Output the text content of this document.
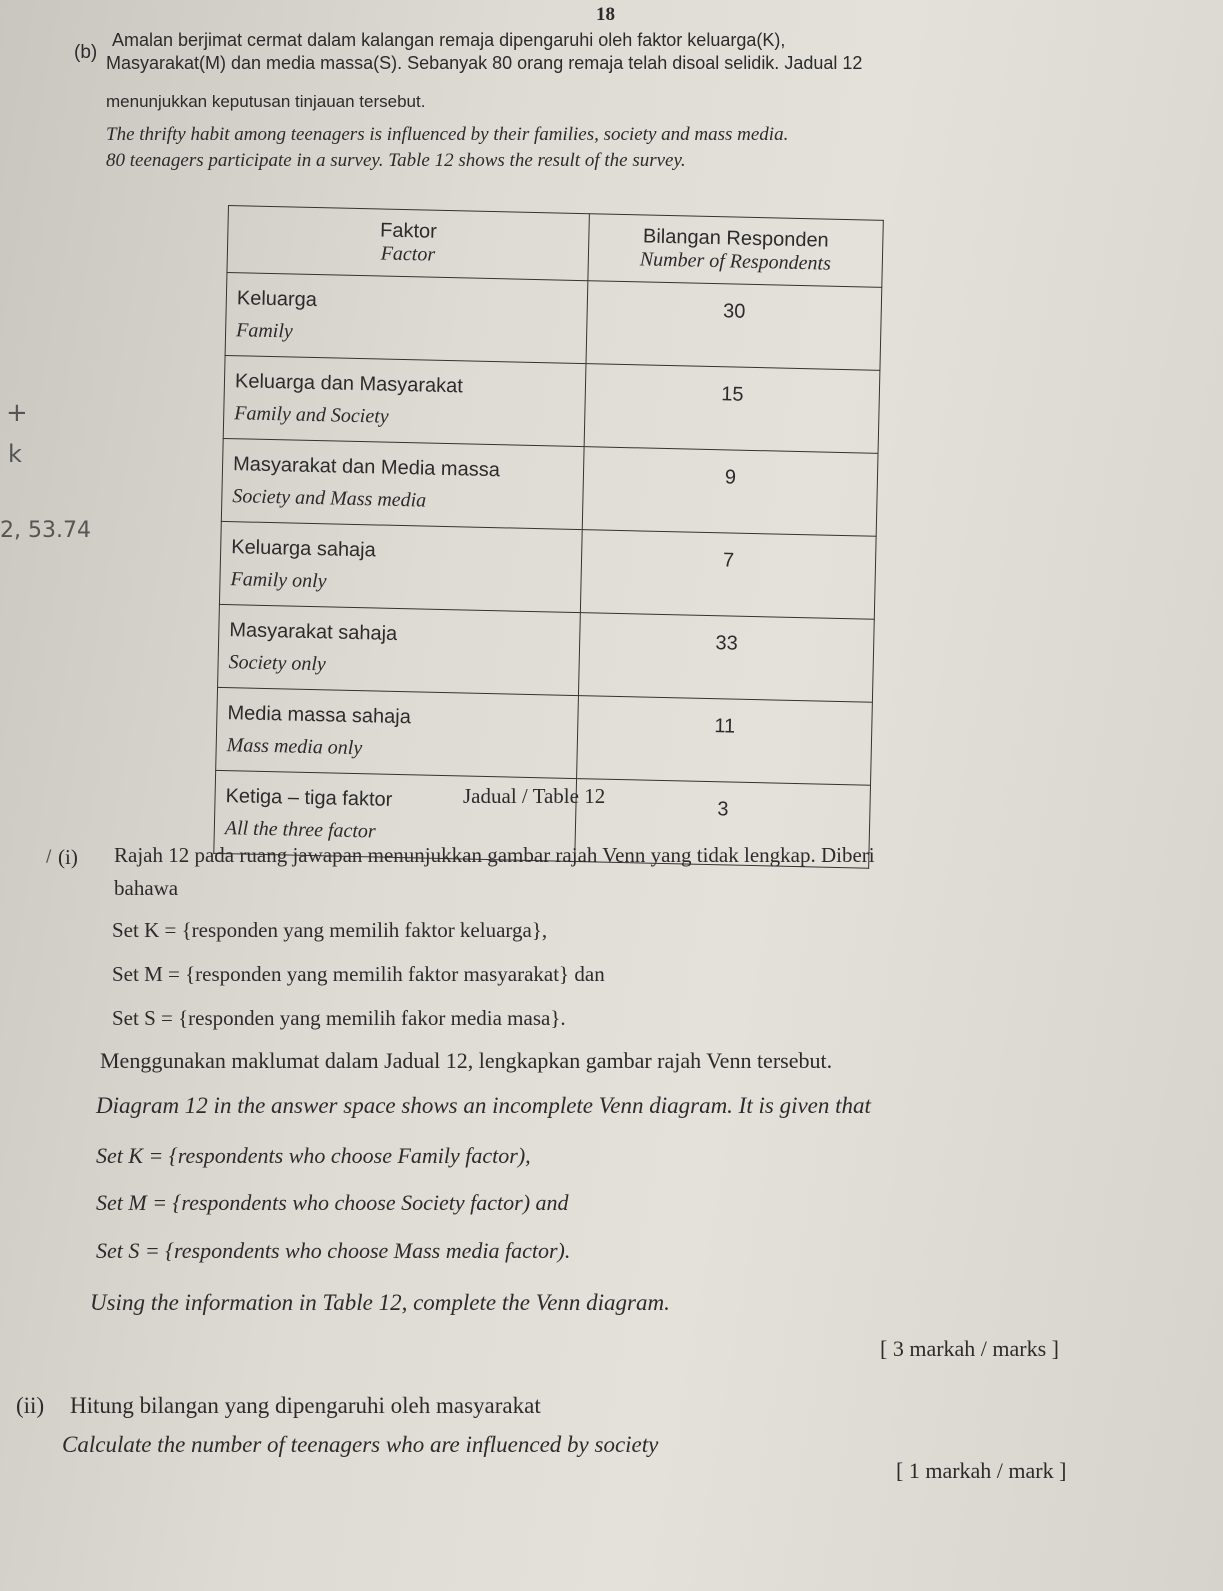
18
(b)
Amalan berjimat cermat dalam kalangan remaja dipengaruhi oleh faktor keluarga(K),
Masyarakat(M) dan media massa(S). Sebanyak 80 orang remaja telah disoal selidik. Jadual 12
menunjukkan keputusan tinjauan tersebut.
The thrifty habit among teenagers is influenced by their families, society and mass media.
80 teenagers participate in a survey. Table 12 shows the result of the survey.
Faktor
Factor	Bilangan Responden
Number of Respondents

Keluarga
Family	30

Keluarga dan Masyarakat
Family and Society	15

Masyarakat dan Media massa
Society and Mass media	9

Keluarga sahaja
Family only	7

Masyarakat sahaja
Society only	33

Media massa sahaja
Mass media only	11

Ketiga – tiga faktor
All the three factor	3
Jadual / Table 12
(i) Rajah 12 pada ruang jawapan menunjukkan gambar rajah Venn yang tidak lengkap. Diberi
bahawa
Set K = {responden yang memilih faktor keluarga},
Set M = {responden yang memilih faktor masyarakat} dan
Set S = {responden yang memilih fakor media masa}.
Menggunakan maklumat dalam Jadual 12, lengkapkan gambar rajah Venn tersebut.
Diagram 12 in the answer space shows an incomplete Venn diagram. It is given that
Set K = {respondents who choose Family factor),
Set M = {respondents who choose Society factor) and
Set S = {respondents who choose Mass media factor).
Using the information in Table 12, complete the Venn diagram.
[ 3 markah / marks ]
(ii) Hitung bilangan yang dipengaruhi oleh masyarakat
Calculate the number of teenagers who are influenced by society
[ 1 markah / mark ]
+
k
2, 53.74
/
